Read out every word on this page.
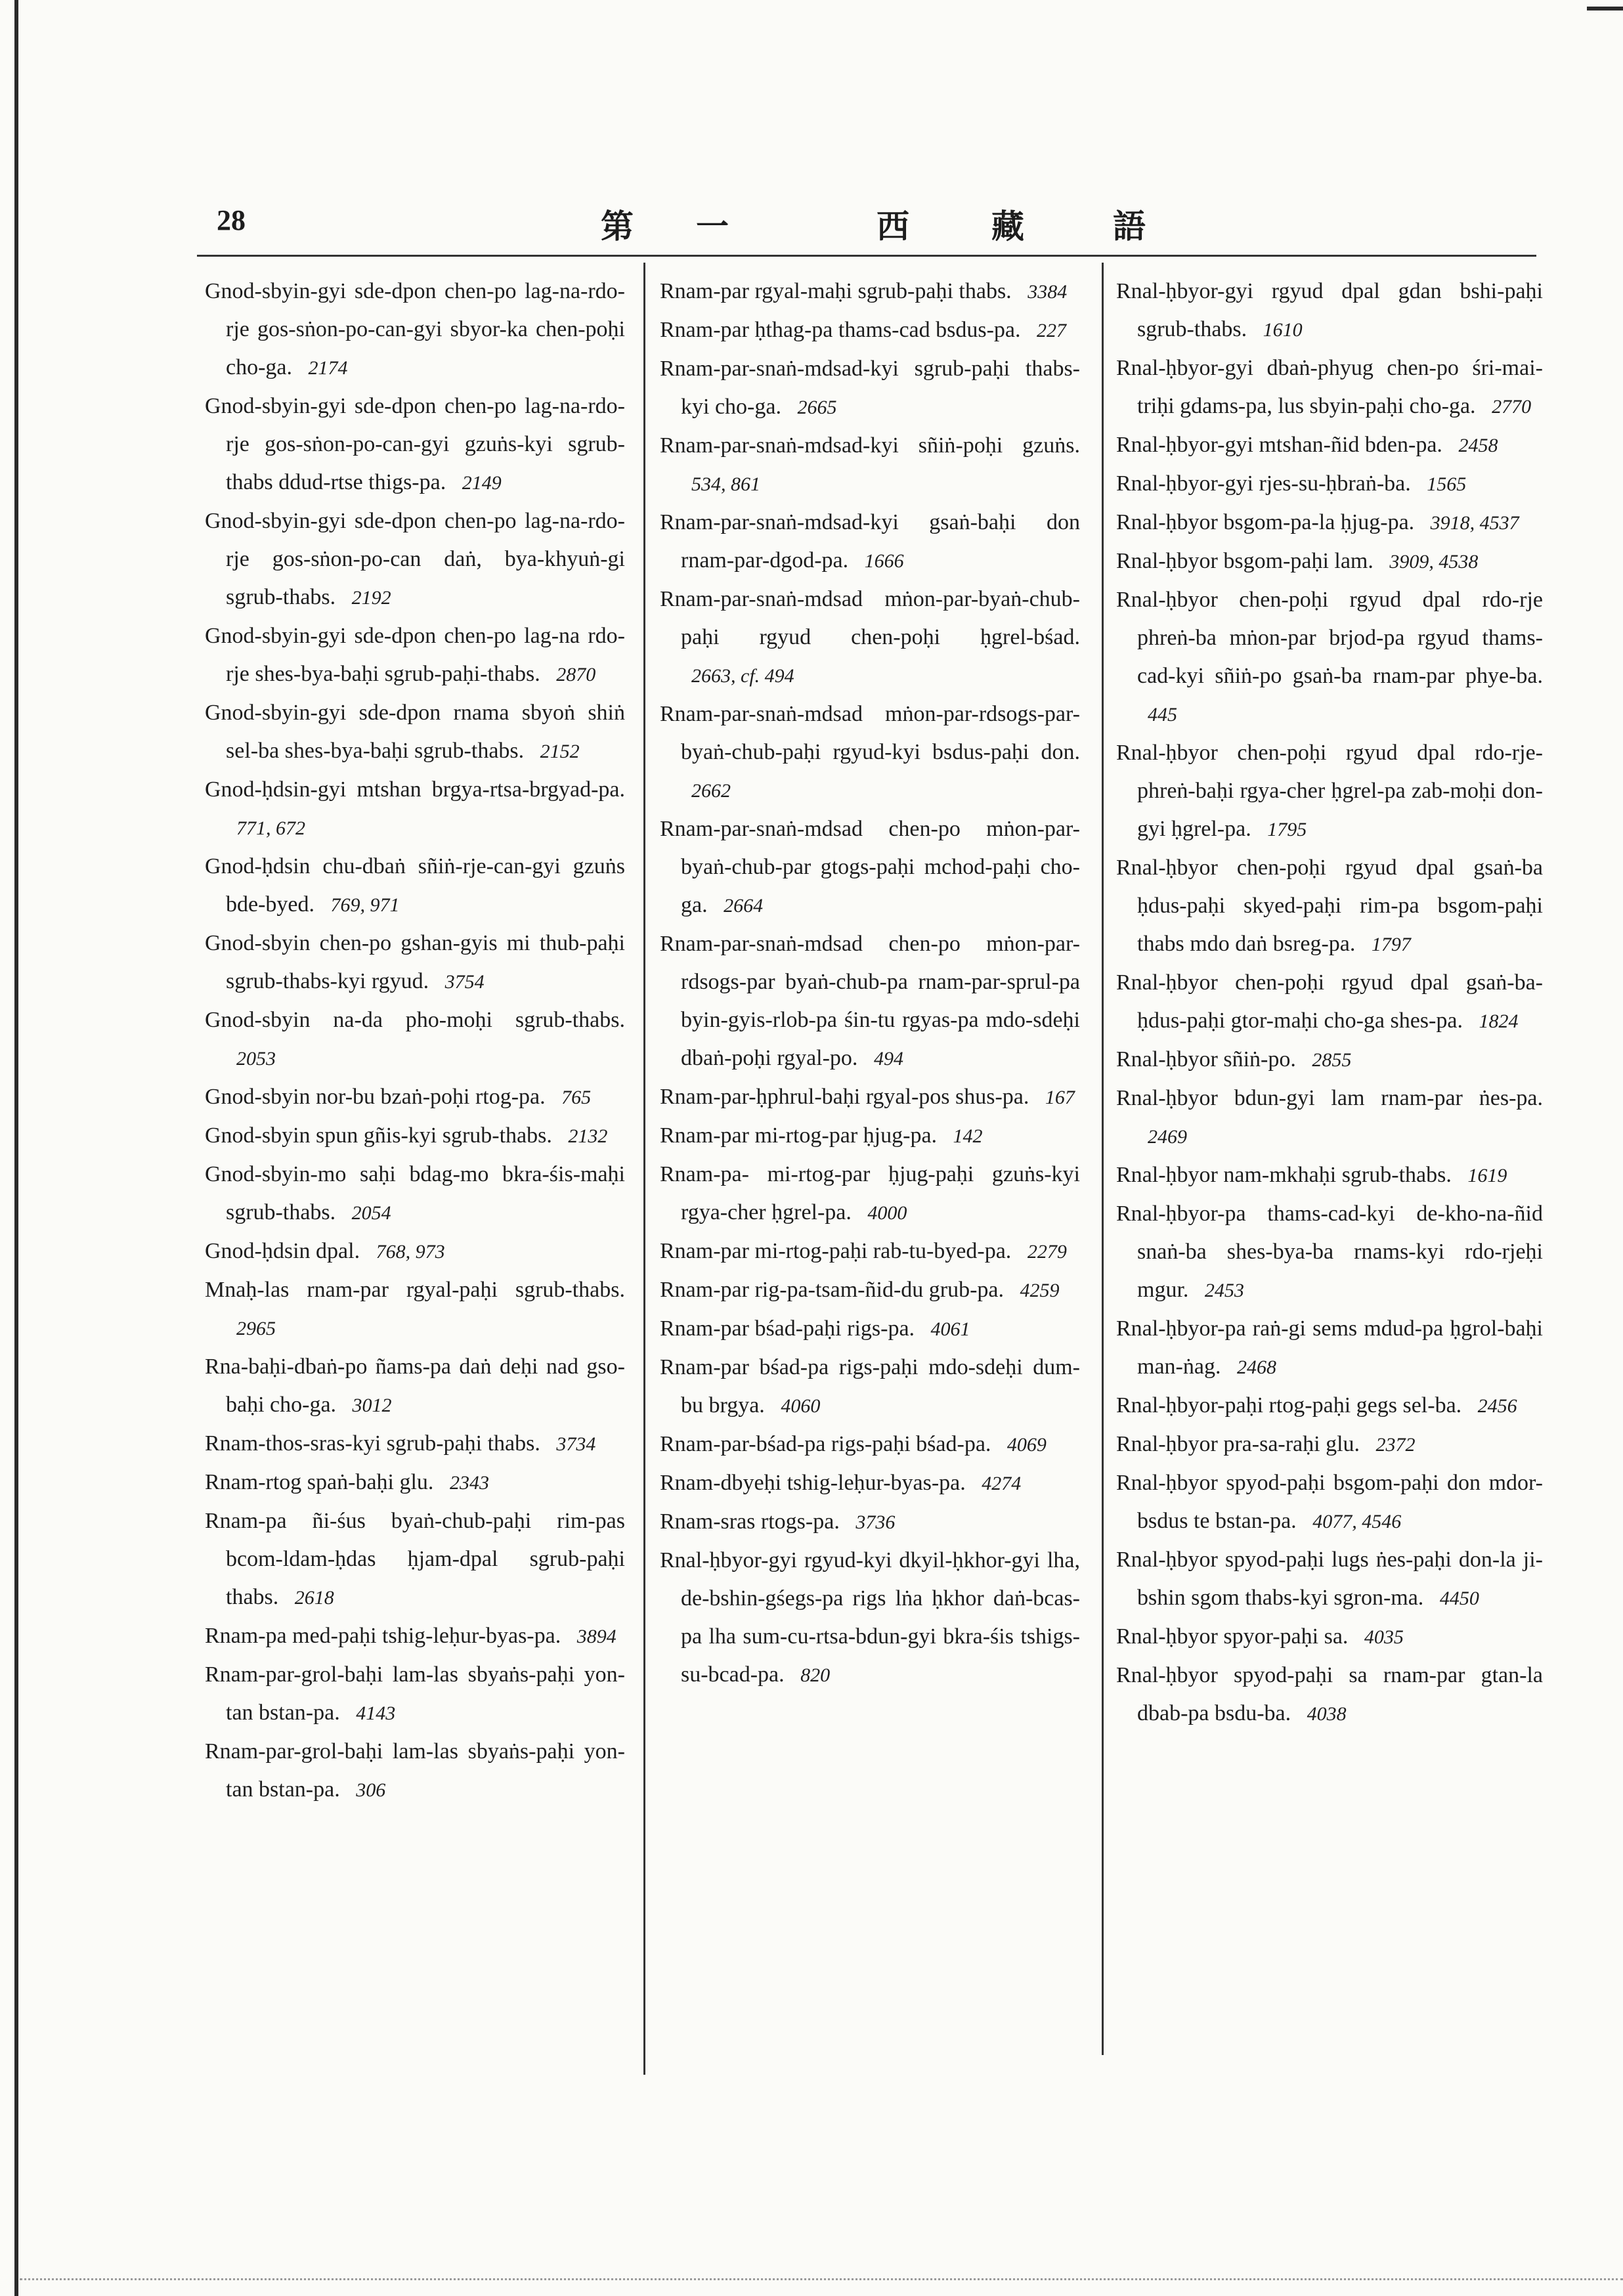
28	第 一	西	藏	語

Gnod-sbyin-gyi sde-dpon chen-po lag-na-rdo-rje gos-sṅon-po-can-gyi sbyor-ka chen-poḥi cho-ga. 2174

Gnod-sbyin-gyi sde-dpon chen-po lag-na-rdo-rje gos-sṅon-po-can-gyi gzuṅs-kyi sgrub-thabs ddud-rtse thigs-pa. 2149

Gnod-sbyin-gyi sde-dpon chen-po lag-na-rdo-rje gos-sṅon-po-can daṅ, bya-khyuṅ-gi sgrub-thabs. 2192

Gnod-sbyin-gyi sde-dpon chen-po lag-na rdo-rje shes-bya-baḥi sgrub-paḥi-thabs. 2870

Gnod-sbyin-gyi sde-dpon rnama sbyoṅ shiṅ sel-ba shes-bya-baḥi sgrub-thabs. 2152

Gnod-ḥdsin-gyi mtshan brgya-rtsa-brgyad-pa. 771, 672

Gnod-ḥdsin chu-dbaṅ sñiṅ-rje-can-gyi gzuṅs bde-byed. 769, 971

Gnod-sbyin chen-po gshan-gyis mi thub-paḥi sgrub-thabs-kyi rgyud. 3754

Gnod-sbyin na-da pho-moḥi sgrub-thabs. 2053

Gnod-sbyin nor-bu bzaṅ-poḥi rtog-pa. 765

Gnod-sbyin spun gñis-kyi sgrub-thabs. 2132

Gnod-sbyin-mo saḥi bdag-mo bkra-śis-maḥi sgrub-thabs. 2054

Gnod-ḥdsin dpal. 768, 973

Mnaḥ-las rnam-par rgyal-paḥi sgrub-thabs. 2965

Rna-baḥi-dbaṅ-po ñams-pa daṅ deḥi nad gso-baḥi cho-ga. 3012

Rnam-thos-sras-kyi sgrub-paḥi thabs. 3734

Rnam-rtog spaṅ-baḥi glu. 2343

Rnam-pa ñi-śus byaṅ-chub-paḥi rim-pas bcom-ldam-ḥdas ḥjam-dpal sgrub-paḥi thabs. 2618

Rnam-pa med-paḥi tshig-leḥur-byas-pa. 3894

Rnam-par-grol-baḥi lam-las sbyaṅs-paḥi yon-tan bstan-pa. 4143

Rnam-par-grol-baḥi lam-las sbyaṅs-paḥi yon-tan bstan-pa. 306

Rnam-par rgyal-maḥi sgrub-paḥi thabs. 3384

Rnam-par ḥthag-pa thams-cad bsdus-pa. 227

Rnam-par-snaṅ-mdsad-kyi sgrub-paḥi thabs-kyi cho-ga. 2665

Rnam-par-snaṅ-mdsad-kyi sñiṅ-poḥi gzuṅs. 534, 861

Rnam-par-snaṅ-mdsad-kyi gsaṅ-baḥi don rnam-par-dgod-pa. 1666

Rnam-par-snaṅ-mdsad mṅon-par-byaṅ-chub-paḥi rgyud chen-poḥi ḥgrel-bśad. 2663, cf. 494

Rnam-par-snaṅ-mdsad mṅon-par-rdsogs-par-byaṅ-chub-paḥi rgyud-kyi bsdus-paḥi don. 2662

Rnam-par-snaṅ-mdsad chen-po mṅon-par-byaṅ-chub-par gtogs-paḥi mchod-paḥi cho-ga. 2664

Rnam-par-snaṅ-mdsad chen-po mṅon-par-rdsogs-par byaṅ-chub-pa rnam-par-sprul-pa byin-gyis-rlob-pa śin-tu rgyas-pa mdo-sdeḥi dbaṅ-poḥi rgyal-po. 494

Rnam-par-ḥphrul-baḥi rgyal-pos shus-pa. 167

Rnam-par mi-rtog-par ḥjug-pa. 142

Rnam-pa- mi-rtog-par ḥjug-paḥi gzuṅs-kyi rgya-cher ḥgrel-pa. 4000

Rnam-par mi-rtog-paḥi rab-tu-byed-pa. 2279

Rnam-par rig-pa-tsam-ñid-du grub-pa. 4259

Rnam-par bśad-paḥi rigs-pa. 4061

Rnam-par bśad-pa rigs-paḥi mdo-sdeḥi dum-bu brgya. 4060

Rnam-par-bśad-pa rigs-paḥi bśad-pa. 4069

Rnam-dbyeḥi tshig-leḥur-byas-pa. 4274

Rnam-sras rtogs-pa. 3736

Rnal-ḥbyor-gyi rgyud-kyi dkyil-ḥkhor-gyi lha, de-bshin-gśegs-pa rigs lṅa ḥkhor daṅ-bcas-pa lha sum-cu-rtsa-bdun-gyi bkra-śis tshigs-su-bcad-pa. 820

Rnal-ḥbyor-gyi rgyud dpal gdan bshi-paḥi sgrub-thabs. 1610

Rnal-ḥbyor-gyi dbaṅ-phyug chen-po śri-mai-triḥi gdams-pa, lus sbyin-paḥi cho-ga. 2770

Rnal-ḥbyor-gyi mtshan-ñid bden-pa. 2458

Rnal-ḥbyor-gyi rjes-su-ḥbraṅ-ba. 1565

Rnal-ḥbyor bsgom-pa-la ḥjug-pa. 3918, 4537

Rnal-ḥbyor bsgom-paḥi lam. 3909, 4538

Rnal-ḥbyor chen-poḥi rgyud dpal rdo-rje phreṅ-ba mṅon-par brjod-pa rgyud thams-cad-kyi sñiṅ-po gsaṅ-ba rnam-par phye-ba. 445

Rnal-ḥbyor chen-poḥi rgyud dpal rdo-rje-phreṅ-baḥi rgya-cher ḥgrel-pa zab-moḥi don-gyi ḥgrel-pa. 1795

Rnal-ḥbyor chen-poḥi rgyud dpal gsaṅ-ba ḥdus-paḥi skyed-paḥi rim-pa bsgom-paḥi thabs mdo daṅ bsreg-pa. 1797

Rnal-ḥbyor chen-poḥi rgyud dpal gsaṅ-ba-ḥdus-paḥi gtor-maḥi cho-ga shes-pa. 1824

Rnal-ḥbyor sñiṅ-po. 2855

Rnal-ḥbyor bdun-gyi lam rnam-par ṅes-pa. 2469

Rnal-ḥbyor nam-mkhaḥi sgrub-thabs. 1619

Rnal-ḥbyor-pa thams-cad-kyi de-kho-na-ñid snaṅ-ba shes-bya-ba rnams-kyi rdo-rjeḥi mgur. 2453

Rnal-ḥbyor-pa raṅ-gi sems mdud-pa ḥgrol-baḥi man-ṅag. 2468

Rnal-ḥbyor-paḥi rtog-paḥi gegs sel-ba. 2456

Rnal-ḥbyor pra-sa-raḥi glu. 2372

Rnal-ḥbyor spyod-paḥi bsgom-paḥi don mdor-bsdus te bstan-pa. 4077, 4546

Rnal-ḥbyor spyod-paḥi lugs ṅes-paḥi don-la ji-bshin sgom thabs-kyi sgron-ma. 4450

Rnal-ḥbyor spyor-paḥi sa. 4035

Rnal-ḥbyor spyod-paḥi sa rnam-par gtan-la dbab-pa bsdu-ba. 4038
